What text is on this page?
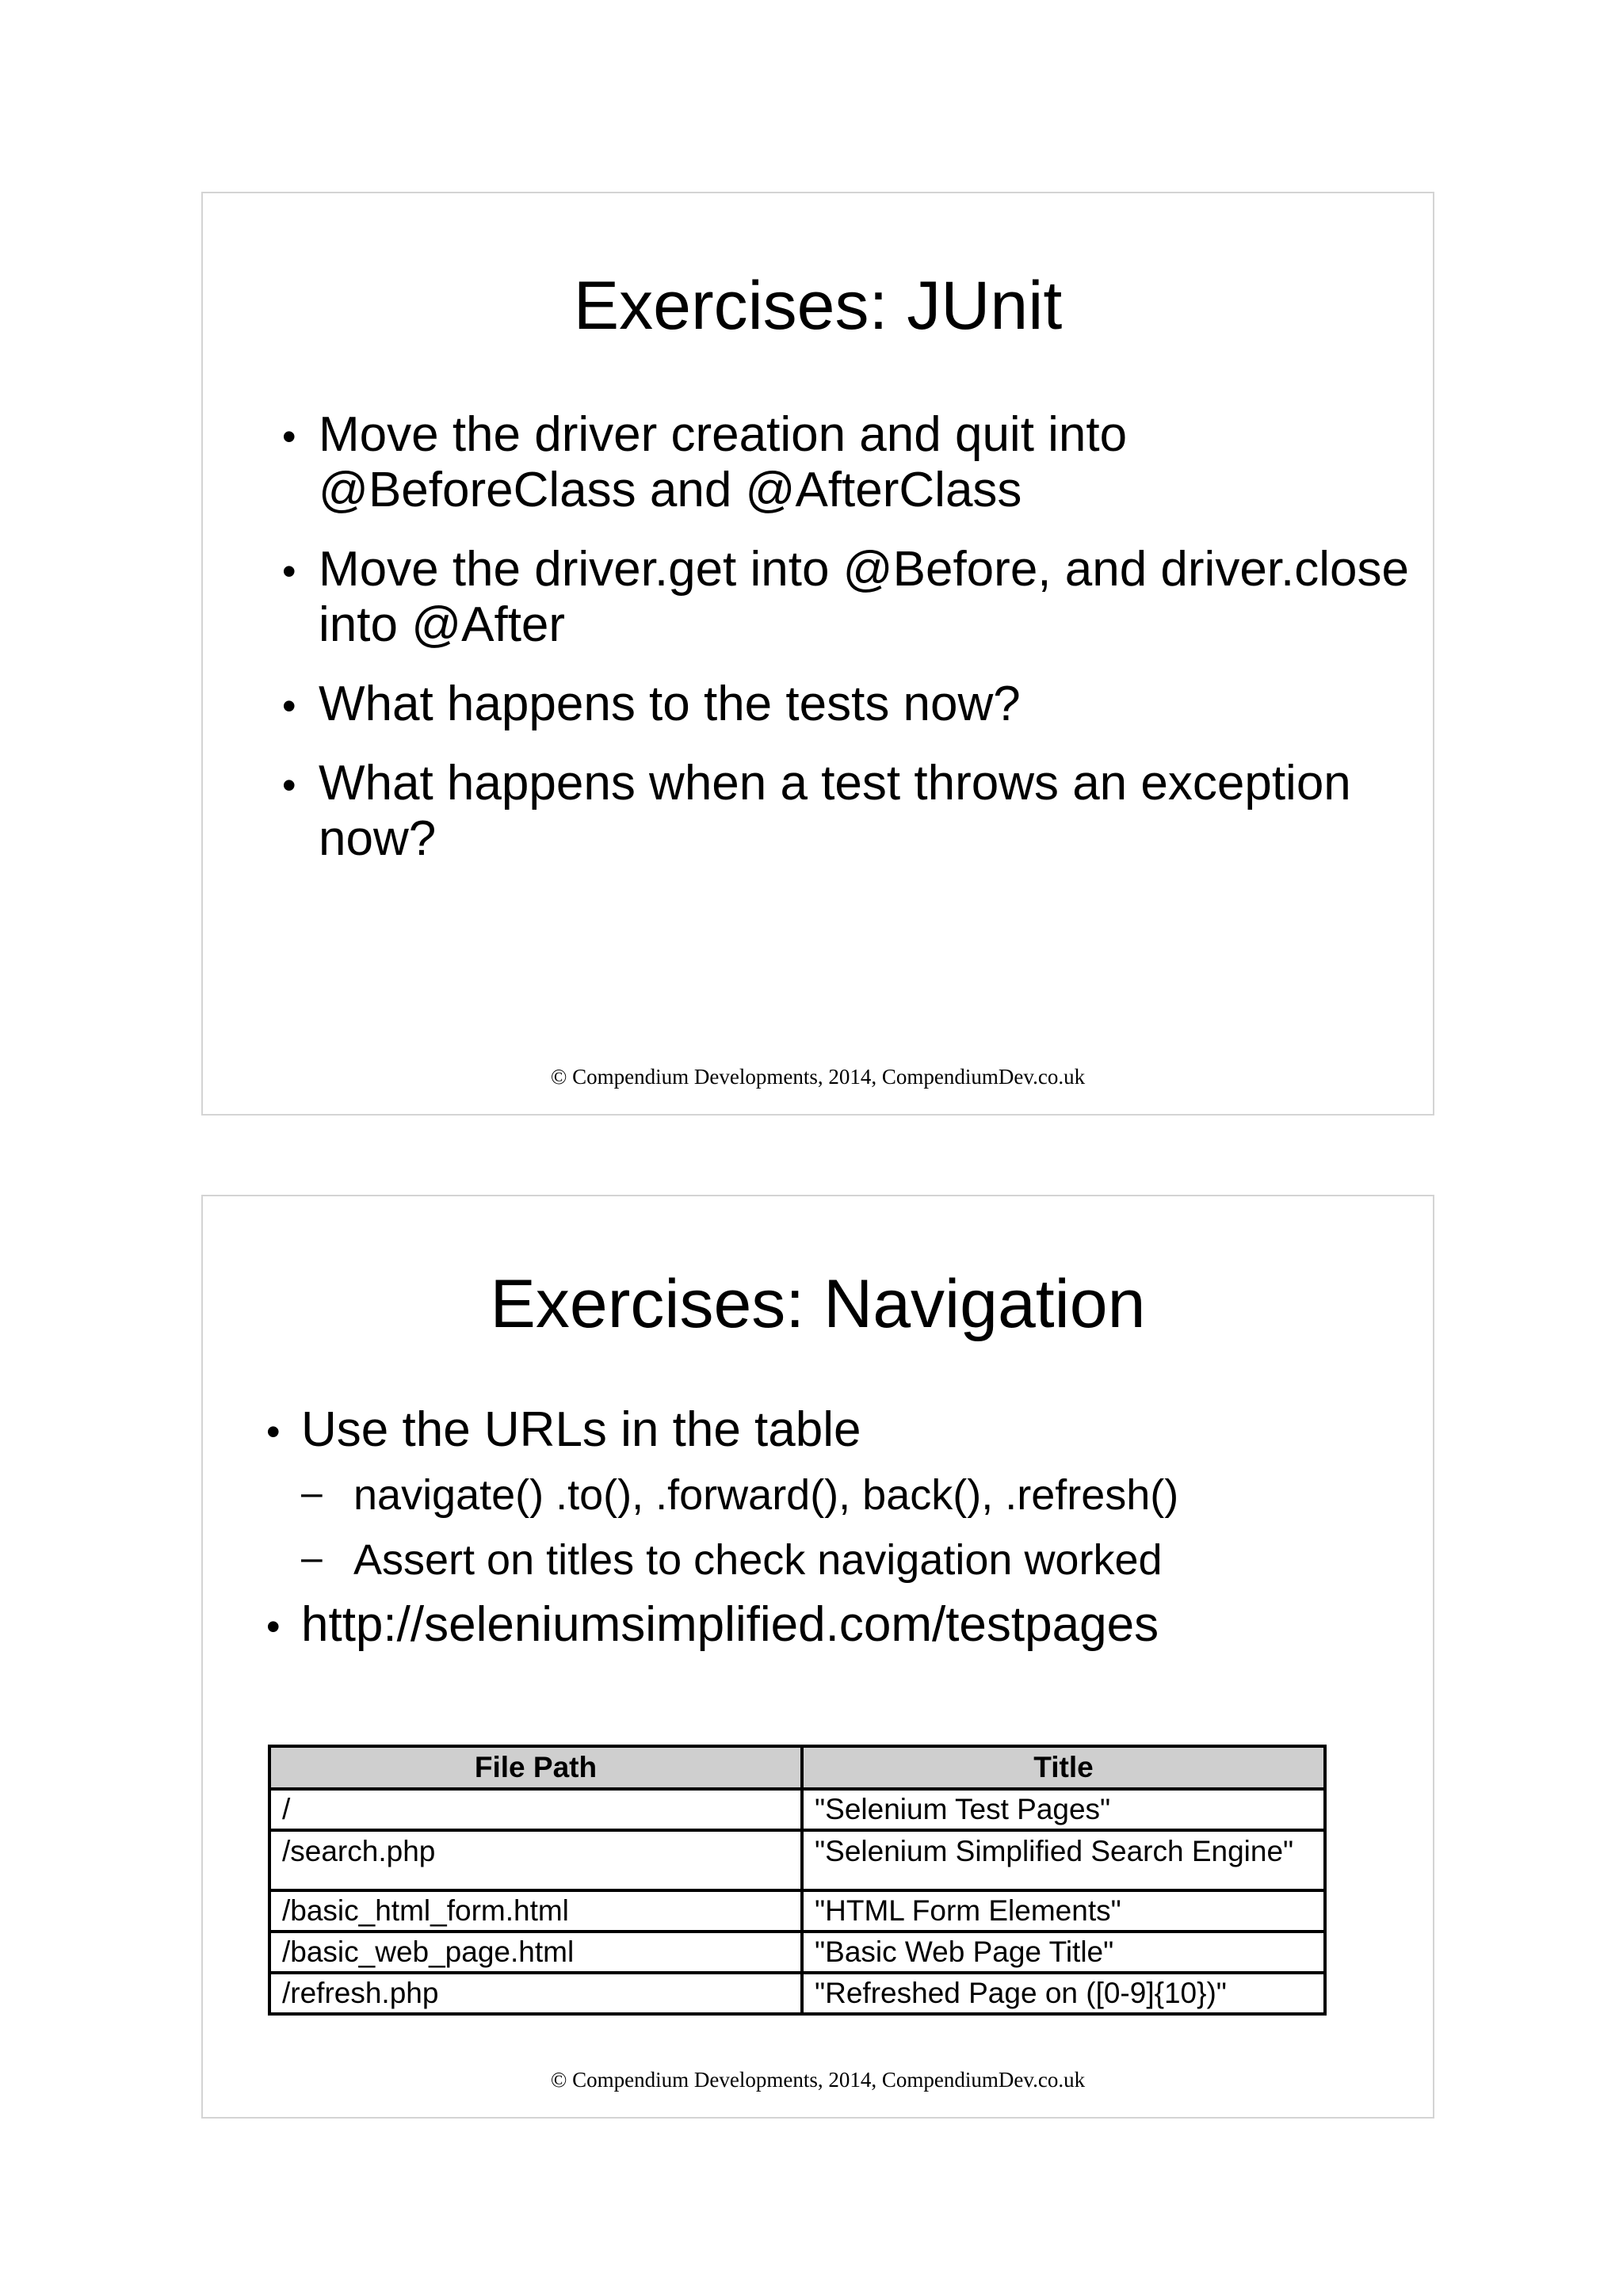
Exercises: JUnit
• Move the driver creation and quit into @BeforeClass and @AfterClass
• Move the driver.get into @Before, and driver.close into @After
• What happens to the tests now?
• What happens when a test throws an exception now?
© Compendium Developments, 2014, CompendiumDev.co.uk
Exercises: Navigation
• Use the URLs in the table
– navigate() .to(), .forward(), back(), .refresh()
– Assert on titles to check navigation worked
• http://seleniumsimplified.com/testpages
File Path	Title
/	"Selenium Test Pages"
/search.php	"Selenium Simplified Search Engine"
/basic_html_form.html	"HTML Form Elements"
/basic_web_page.html	"Basic Web Page Title"
/refresh.php	"Refreshed Page on ([0-9]{10})"
© Compendium Developments, 2014, CompendiumDev.co.uk
